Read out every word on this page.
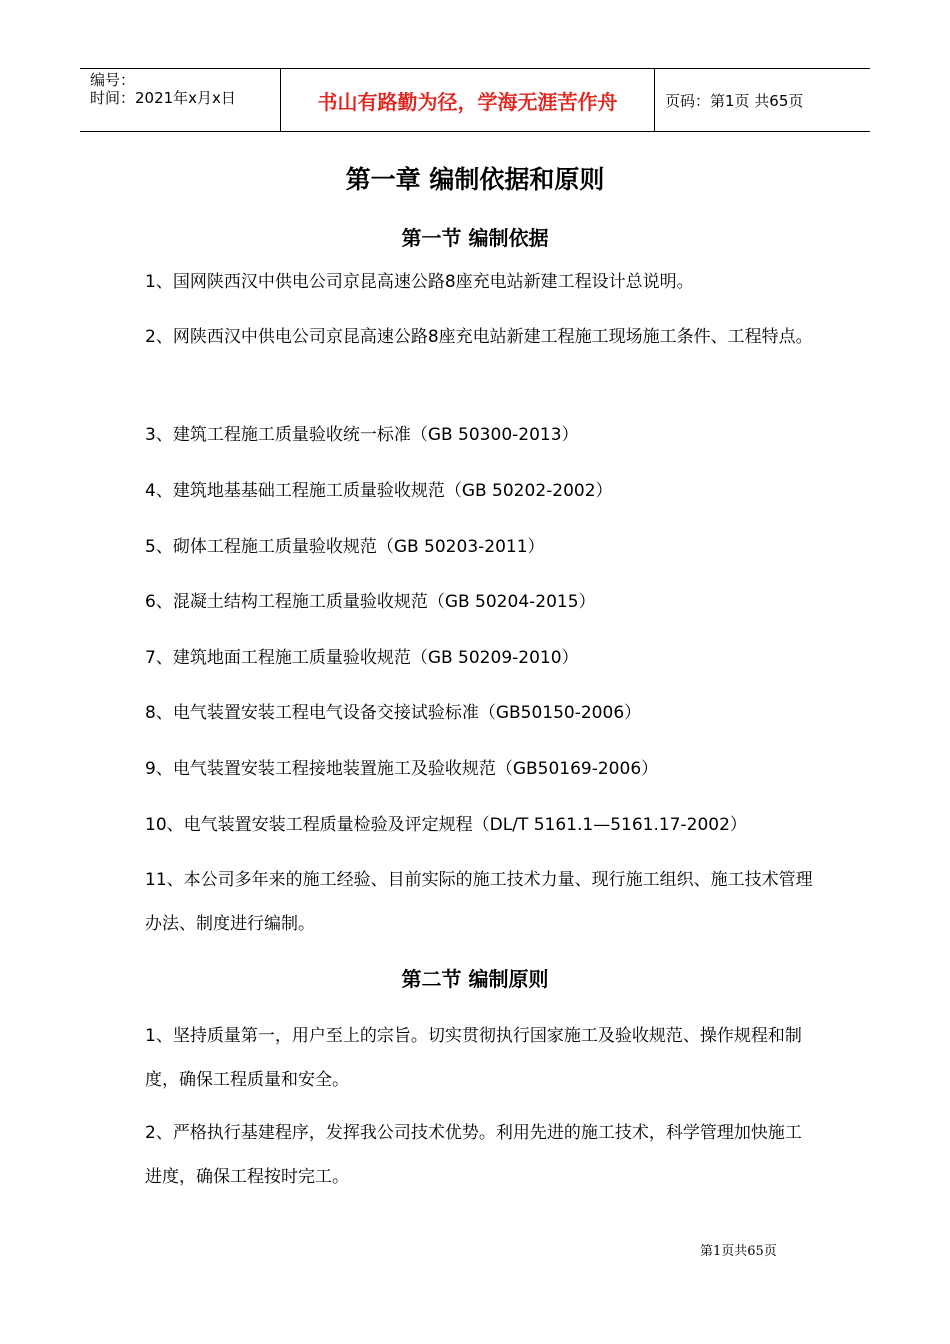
编号：
时间：2021年x月x日	书山有路勤为径，学海无涯苦作舟	页码：第1页 共65页
第一章 编制依据和原则
第一节 编制依据

1、国网陕西汉中供电公司京昆高速公路8座充电站新建工程设计总说明。

2、网陕西汉中供电公司京昆高速公路8座充电站新建工程施工现场施工条件、工程特点。

3、建筑工程施工质量验收统一标准（GB 50300-2013）

4、建筑地基基础工程施工质量验收规范（GB 50202-2002）

5、砌体工程施工质量验收规范（GB 50203-2011）

6、混凝土结构工程施工质量验收规范（GB 50204-2015）

7、建筑地面工程施工质量验收规范（GB 50209-2010）

8、电气装置安装工程电气设备交接试验标准（GB50150-2006）

9、电气装置安装工程接地装置施工及验收规范（GB50169-2006）

10、电气装置安装工程质量检验及评定规程（DL/T 5161.1—5161.17-2002）

11、本公司多年来的施工经验、目前实际的施工技术力量、现行施工组织、施工技术管理办法、制度进行编制。

第二节 编制原则

1、坚持质量第一，用户至上的宗旨。切实贯彻执行国家施工及验收规范、操作规程和制度，确保工程质量和安全。

2、严格执行基建程序，发挥我公司技术优势。利用先进的施工技术，科学管理加快施工进度，确保工程按时完工。

第1页共65页
